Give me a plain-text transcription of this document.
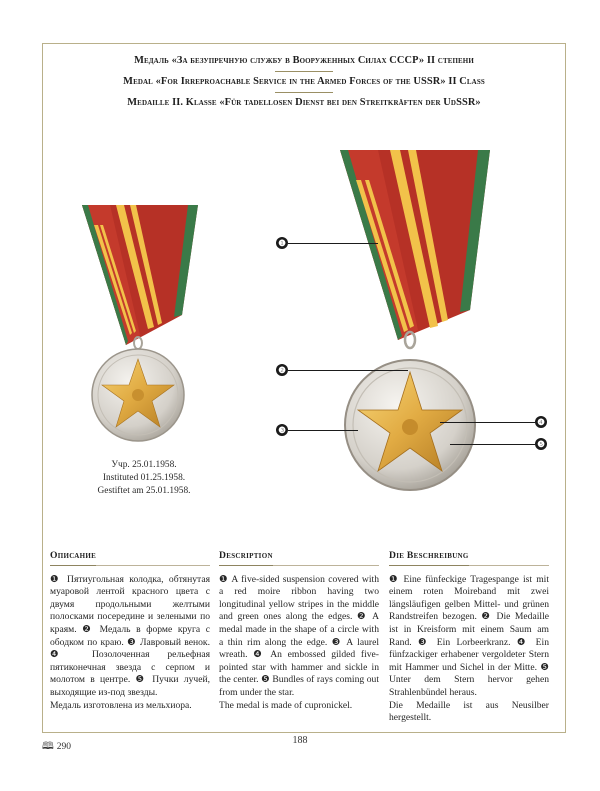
Медаль «За безупречную службу в Вооруженных Силах СССР» II степени
Medal «For Irreproachable Service in the Armed Forces of the USSR» II Class
Medaille II. Klasse «Für tadellosen Dienst bei den Streitkräften der UdSSR»
Учр. 25.01.1958.
Instituted 01.25.1958.
Gestiftet am 25.01.1958.
❶
❷
❸
❹
❺
Описание

❶ Пятиугольная колодка, обтянутая муаровой лентой красного цвета с двумя продольными желтыми полосками посередине и зелеными по краям. ❷ Медаль в форме круга с ободком по краю. ❸ Лавровый венок. ❹ Позолоченная рельефная пятиконечная звезда с серпом и молотом в центре. ❺ Пучки лучей, выходящие из-под звезды.

Медаль изготовлена из мельхиора.

Description

❶ A five-sided suspension covered with a red moire ribbon having two longitudinal yellow stripes in the middle and green ones along the edges. ❷ A medal made in the shape of a circle with a thin rim along the edge. ❸ A laurel wreath. ❹ An embossed gilded five-pointed star with hammer and sickle in the center. ❺ Bundles of rays coming out from under the star.

The medal is made of cupronickel.

Die Beschreibung

❶ Eine fünfeckige Tragespange ist mit einem roten Moireband mit zwei längsläufigen gelben Mittel- und grünen Randstreifen bezogen. ❷ Die Medaille ist in Kreisform mit einem Saum am Rand. ❸ Ein Lorbeerkranz. ❹ Ein fünfzackiger erhabener vergoldeter Stern mit Hammer und Sichel in der Mitte. ❺ Unter dem Stern hervor gehen Strahlenbündel heraus.

Die Medaille ist aus Neusilber hergestellt.

🕮 290
188
